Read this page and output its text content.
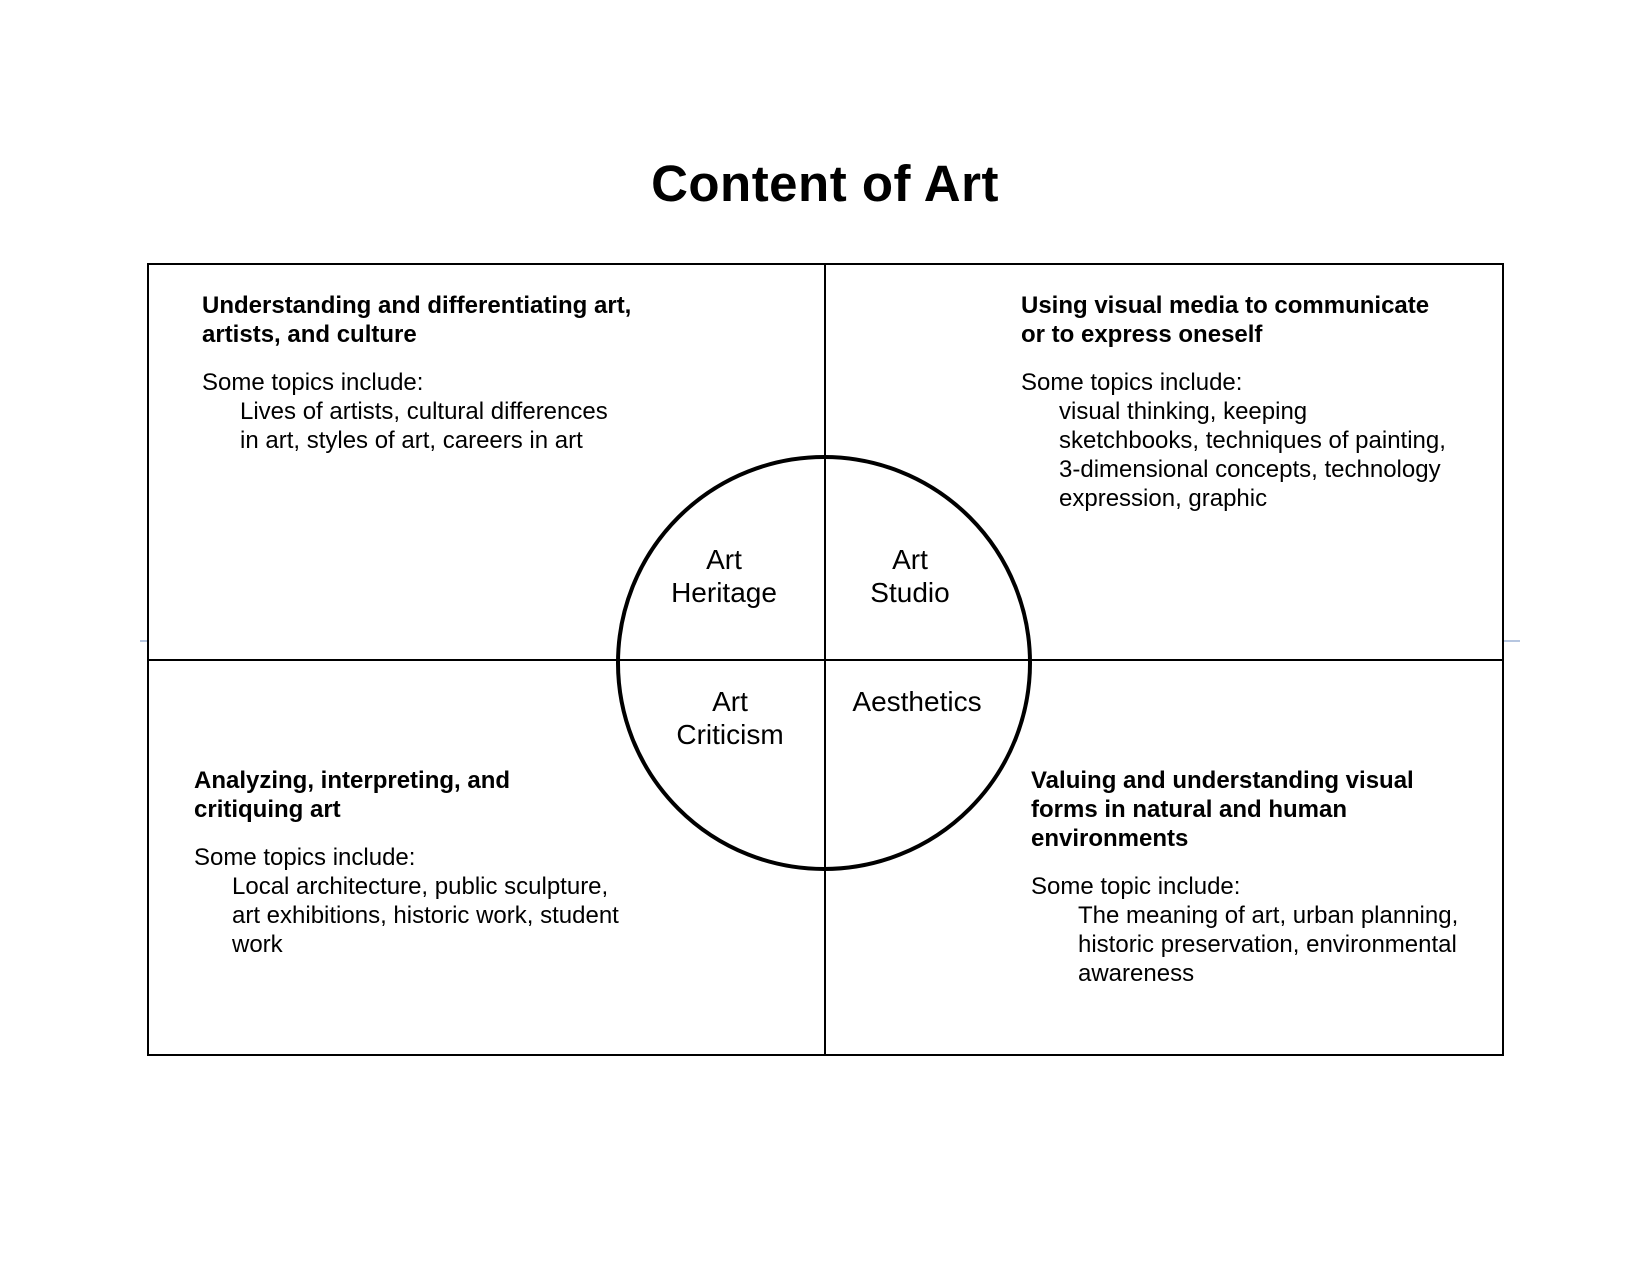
Content of Art

Understanding and differentiating art, artists, and culture

Some topics include:

Lives of artists, cultural differences in art, styles of art, careers in art

Using visual media to communicate or to express oneself

Some topics include:

visual thinking, keeping sketchbooks, techniques of painting, 3-dimensional concepts, technology expression, graphic

Analyzing, interpreting, and critiquing art

Some topics include:

Local architecture, public sculpture, art exhibitions, historic work, student work

Valuing and understanding visual forms in natural and human environments

Some topic include:

The meaning of art, urban planning, historic preservation, environmental awareness

Art
Heritage
Art
Studio
Art
Criticism
Aesthetics
